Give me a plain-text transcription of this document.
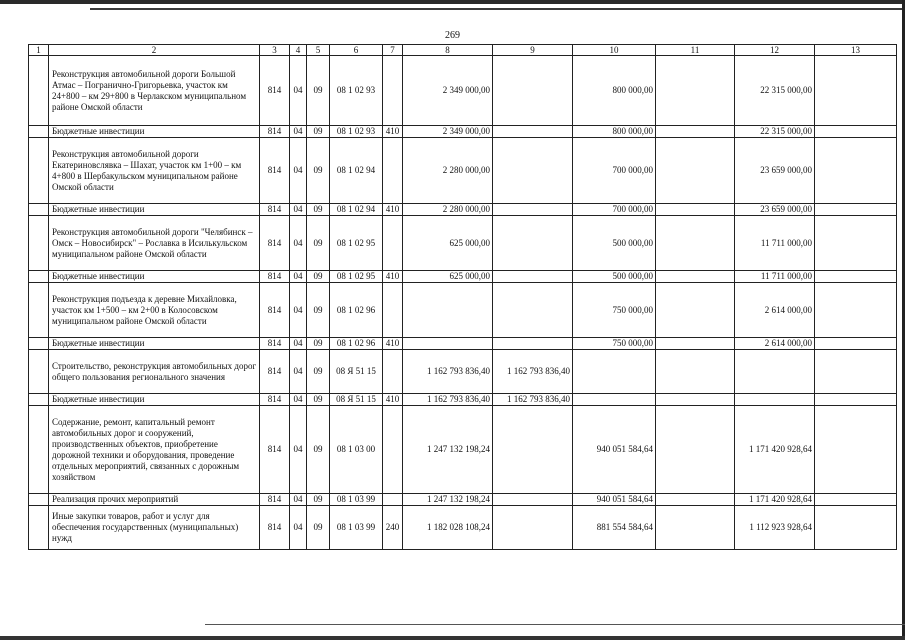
269
1	2	3	4	5	6	7	8	9	10	11	12	13
	Реконструкция автомобильной дороги Большой Атмас – Погранично-Григорьевка, участок км 24+800 – км 29+800 в Черлакском муниципальном районе Омской области	814	04	09	08 1 02 93		2 349 000,00		800 000,00		22 315 000,00	
	Бюджетные инвестиции	814	04	09	08 1 02 93	410	2 349 000,00		800 000,00		22 315 000,00	
	Реконструкция автомобильной дороги Екатериновслявка – Шахат, участок км 1+00 – км 4+800 в Шербакульском муниципальном районе Омской области	814	04	09	08 1 02 94		2 280 000,00		700 000,00		23 659 000,00	
	Бюджетные инвестиции	814	04	09	08 1 02 94	410	2 280 000,00		700 000,00		23 659 000,00	
	Реконструкция автомобильной дороги "Челябинск – Омск – Новосибирск" – Рославка в Исилькульском муниципальном районе Омской области	814	04	09	08 1 02 95		625 000,00		500 000,00		11 711 000,00	
	Бюджетные инвестиции	814	04	09	08 1 02 95	410	625 000,00		500 000,00		11 711 000,00	
	Реконструкция подъезда к деревне Михайловка, участок км 1+500 – км 2+00 в Колосовском муниципальном районе Омской области	814	04	09	08 1 02 96				750 000,00		2 614 000,00	
	Бюджетные инвестиции	814	04	09	08 1 02 96	410			750 000,00		2 614 000,00	
	Строительство, реконструкция автомобильных дорог общего пользования регионального значения	814	04	09	08 Я 51 15		1 162 793 836,40	1 162 793 836,40				
	Бюджетные инвестиции	814	04	09	08 Я 51 15	410	1 162 793 836,40	1 162 793 836,40				
	Содержание, ремонт, капитальный ремонт автомобильных дорог и сооружений, производственных объектов, приобретение дорожной техники и оборудования, проведение отдельных мероприятий, связанных с дорожным хозяйством	814	04	09	08 1 03 00		1 247 132 198,24		940 051 584,64		1 171 420 928,64	
	Реализация прочих мероприятий	814	04	09	08 1 03 99		1 247 132 198,24		940 051 584,64		1 171 420 928,64	
	Иные закупки товаров, работ и услуг для обеспечения государственных (муниципальных) нужд	814	04	09	08 1 03 99	240	1 182 028 108,24		881 554 584,64		1 112 923 928,64	
